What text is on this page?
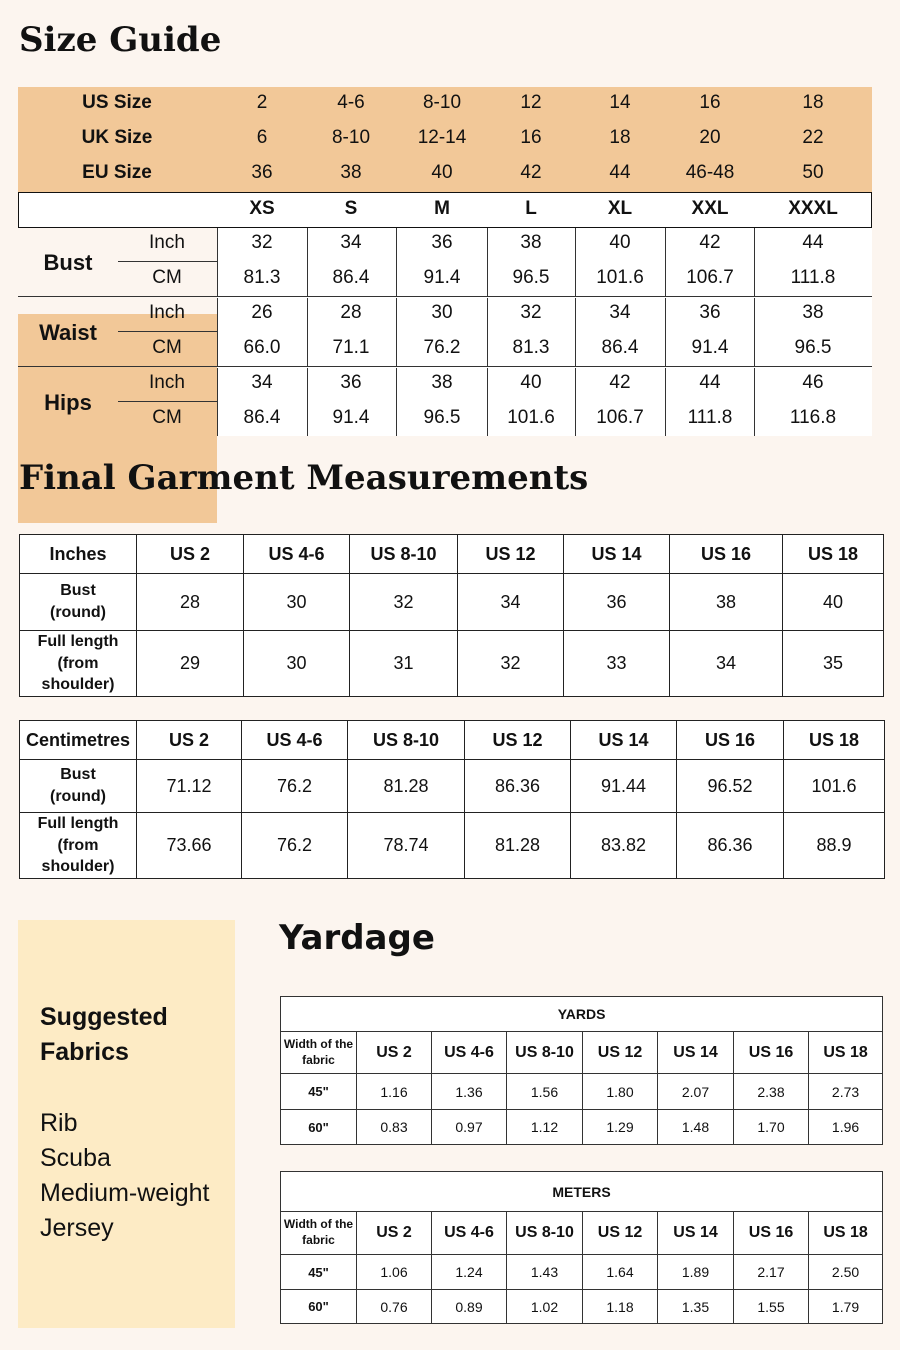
Size Guide
US Size	2	4-6	8-10	12	14	16	18
UK Size	6	8-10	12-14	16	18	20	22
EU Size	36	38	40	42	44	46-48	50
XS	S	M	L	XL	XXL	XXXL
Bust
Inch	32	34	36	38	40	42	44
CM	81.3	86.4	91.4	96.5	101.6	106.7	111.8
Waist
Inch	26	28	30	32	34	36	38
CM	66.0	71.1	76.2	81.3	86.4	91.4	96.5
Hips
Inch	34	36	38	40	42	44	46
CM	86.4	91.4	96.5	101.6	106.7	111.8	116.8
Final Garment Measurements
Inches	US 2	US 4-6	US 8-10	US 12	US 14	US 16	US 18

Bust
(round)	28	30	32	34	36	38	40

Full length
(from shoulder)	29	30	31	32	33	34	35
Centimetres	US 2	US 4-6	US 8-10	US 12	US 14	US 16	US 18

Bust
(round)	71.12	76.2	81.28	86.36	91.44	96.52	101.6

Full length
(from shoulder)	73.66	76.2	78.74	81.28	83.82	86.36	88.9
Suggested
Fabrics
Rib
Scuba
Medium-weight
Jersey
Yardage
YARDS							

Width of the
fabric	US 2	US 4-6	US 8-10	US 12	US 14	US 16	US 18
45"	1.16	1.36	1.56	1.80	2.07	2.38	2.73
60"	0.83	0.97	1.12	1.29	1.48	1.70	1.96
METERS							

Width of the
fabric	US 2	US 4-6	US 8-10	US 12	US 14	US 16	US 18
45"	1.06	1.24	1.43	1.64	1.89	2.17	2.50
60"	0.76	0.89	1.02	1.18	1.35	1.55	1.79
